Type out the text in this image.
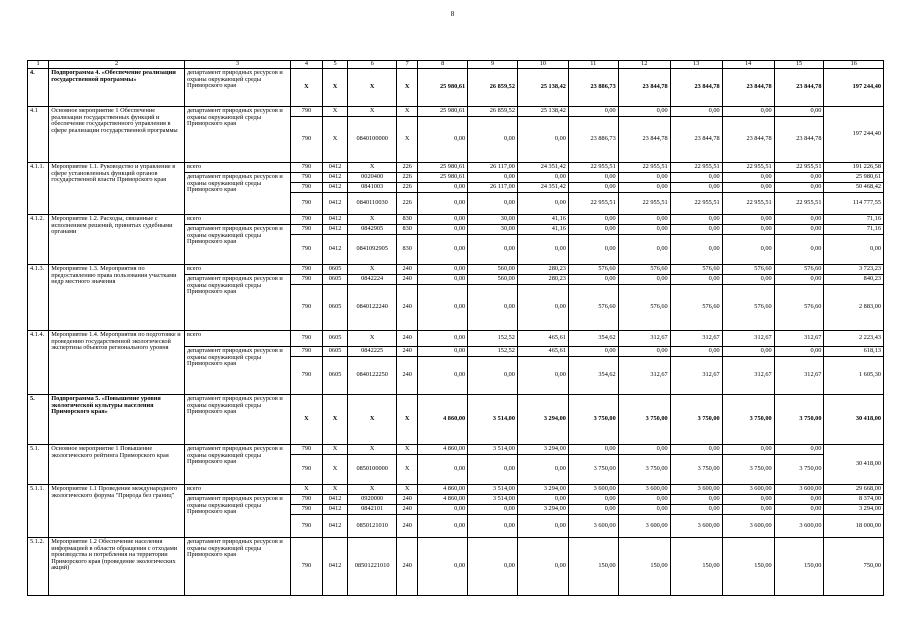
8
1	2	3	4	5	6	7	8	9	10	11	12	13	14	15	16
4.	Подпрограмма 4. «Обеспечение реализации государственной программы»	департамент природных ресурсов и охраны окружающей среды Приморского края	X	X	X	X	25 980,61	26 859,52	25 138,42	23 886,73	23 844,78	23 844,78	23 844,78	23 844,78	197 244,40
4.1	Основное мероприятие 1 Обеспечение реализации государственных функций и обеспечение государственного управления в сфере реализации государственной программы	департамент природных ресурсов и охраны окружающей среды Приморского края	790	X	X	X	25 980,61	26 859,52	25 138,42	0,00	0,00	0,00	0,00	0,00	197 244,40
			790	X	0840100000	X	0,00	0,00	0,00	23 886,73	23 844,78	23 844,78	23 844,78	23 844,78	
4.1.1.	Мероприятие 1.1. Руководство и управление в сфере установленных функций органов государственной власти Приморского края	всего	790	0412	X	226	25 980,61	26 117,00	24 351,42	22 955,51	22 955,51	22 955,51	22 955,51	22 955,51	191 226,58
		департамент природных ресурсов и охраны окружающей среды Приморского края	790	0412	0020400	226	25 980,61	0,00	0,00	0,00	0,00	0,00	0,00	0,00	25 980,61
			790	0412	0841003	226	0,00	26 117,00	24 351,42	0,00	0,00	0,00	0,00	0,00	50 468,42
			790	0412	0840110030	226	0,00	0,00	0,00	22 955,51	22 955,51	22 955,51	22 955,51	22 955,51	114 777,55
4.1.2.	Мероприятие 1.2. Расходы, связанные с исполнением решений, принятых судебными органами	всего	790	0412	X	830	0,00	30,00	41,16	0,00	0,00	0,00	0,00	0,00	71,16
		департамент природных ресурсов и охраны окружающей среды Приморского края	790	0412	0842905	830	0,00	30,00	41,16	0,00	0,00	0,00	0,00	0,00	71,16
			790	0412	0841092905	830	0,00	0,00	0,00	0,00	0,00	0,00	0,00	0,00	0,00
4.1.3.	Мероприятие 1.3. Мероприятия по предоставлению права пользования участками недр местного значения	всего	790	0605	X	240	0,00	560,00	280,23	576,60	576,60	576,60	576,60	576,60	3 723,23
		департамент природных ресурсов и охраны окружающей среды Приморского края	790	0605	0842224	240	0,00	560,00	280,23	0,00	0,00	0,00	0,00	0,00	840,23
			790	0605	0840122240	240	0,00	0,00	0,00	576,60	576,60	576,60	576,60	576,60	2 883,00
4.1.4.	Мероприятие 1.4. Мероприятия по подготовке и проведению государственной экологической экспертизы объектов регионального уровня	всего	790	0605	X	240	0,00	152,52	465,61	354,62	312,67	312,67	312,67	312,67	2 223,43
		департамент природных ресурсов и охраны окружающей среды Приморского края	790	0605	0842225	240	0,00	152,52	465,61	0,00	0,00	0,00	0,00	0,00	618,13
			790	0605	0840122250	240	0,00	0,00	0,00	354,62	312,67	312,67	312,67	312,67	1 605,30
5.	Подпрограмма 5. «Повышение уровня экологической культуры населения Приморского края»	департамент природных ресурсов и охраны окружающей среды Приморского края	X	X	X	X	4 860,00	3 514,00	3 294,00	3 750,00	3 750,00	3 750,00	3 750,00	3 750,00	30 418,00
5.1.	Основное мероприятие 1 Повышение экологического рейтинга Приморского края	департамент природных ресурсов и охраны окружающей среды Приморского края	790	X	X	X	4 860,00	3 514,00	3 294,00	0,00	0,00	0,00	0,00	0,00	30 418,00
			790	X	0850100000	X	0,00	0,00	0,00	3 750,00	3 750,00	3 750,00	3 750,00	3 750,00	
5.1.1.	Мероприятие 1.1 Проведение международного экологического форума "Природа без границ"	всего	X	X	X	X	4 860,00	3 514,00	3 294,00	3 600,00	3 600,00	3 600,00	3 600,00	3 600,00	29 668,00
		департамент природных ресурсов и охраны окружающей среды Приморского края	790	0412	0920000	240	4 860,00	3 514,00	0,00	0,00	0,00	0,00	0,00	0,00	8 374,00
			790	0412	0842101	240	0,00	0,00	3 294,00	0,00	0,00	0,00	0,00	0,00	3 294,00
			790	0412	0850121010	240	0,00	0,00	0,00	3 600,00	3 600,00	3 600,00	3 600,00	3 600,00	18 000,00
5.1.2.	Мероприятие 1.2 Обеспечение населения информацией в области обращения с отходами производства и потребления на территории Приморского края (проведение экологических акций)	департамент природных ресурсов и охраны окружающей среды Приморского края	790	0412	08501221010	240	0,00	0,00	0,00	150,00	150,00	150,00	150,00	150,00	750,00
